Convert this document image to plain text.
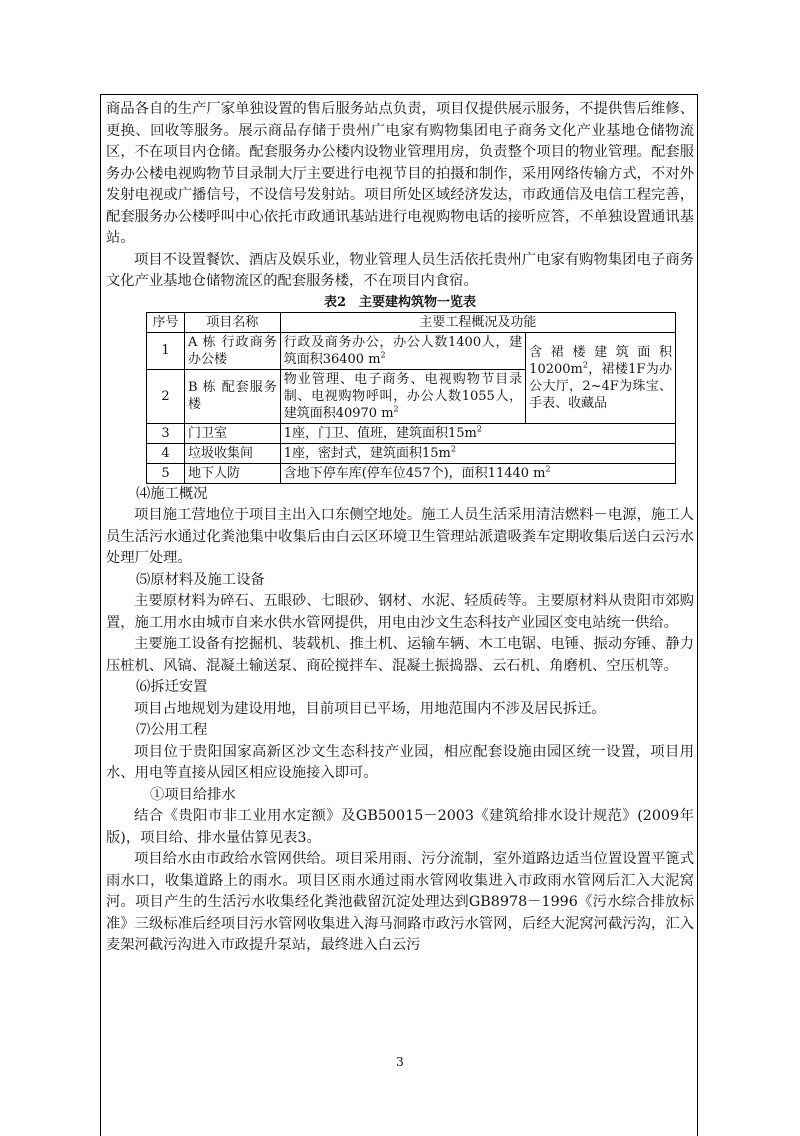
商品各自的生产厂家单独设置的售后服务站点负责，项目仅提供展示服务，不提供售后维修、更换、回收等服务。展示商品存储于贵州广电家有购物集团电子商务文化产业基地仓储物流区，不在项目内仓储。配套服务办公楼内设物业管理用房，负责整个项目的物业管理。配套服务办公楼电视购物节目录制大厅主要进行电视节目的拍摄和制作，采用网络传输方式，不对外发射电视或广播信号，不设信号发射站。项目所处区域经济发达，市政通信及电信工程完善，配套服务办公楼呼叫中心依托市政通讯基站进行电视购物电话的接听应答，不单独设置通讯基站。

项目不设置餐饮、酒店及娱乐业，物业管理人员生活依托贵州广电家有购物集团电子商务文化产业基地仓储物流区的配套服务楼，不在项目内食宿。

表2　主要建构筑物一览表
序号	项目名称	主要工程概况及功能	
1	A 栋 行政商务办公楼	行政及商务办公，办公人数1400人，建筑面积36400 $m^2$	含裙楼建筑面积$10200m^2$，裙楼1F为办公大厅，2~4F为珠宝、手表、收藏品
2	B 栋 配套服务楼	物业管理、电子商务、电视购物节目录制、电视购物呼叫，办公人数1055人，建筑面积40970 $m^2$
3	门卫室	1座，门卫、值班，建筑面积$15m^2$
4	垃圾收集间	1座，密封式，建筑面积$15m^2$
5	地下人防	含地下停车库(停车位457个)，面积11440 $m^2$

⑷施工概况

项目施工营地位于项目主出入口东侧空地处。施工人员生活采用清洁燃料－电源，施工人员生活污水通过化粪池集中收集后由白云区环境卫生管理站派遣吸粪车定期收集后送白云污水处理厂处理。

⑸原材料及施工设备

主要原材料为碎石、五眼砂、七眼砂、钢材、水泥、轻质砖等。主要原材料从贵阳市郊购置，施工用水由城市自来水供水管网提供，用电由沙文生态科技产业园区变电站统一供给。

主要施工设备有挖掘机、装载机、推土机、运输车辆、木工电锯、电锤、振动夯锤、静力压桩机、风镐、混凝土输送泵、商砼搅拌车、混凝土振捣器、云石机、角磨机、空压机等。

⑹拆迁安置

项目占地规划为建设用地，目前项目已平场，用地范围内不涉及居民拆迁。

⑺公用工程

项目位于贵阳国家高新区沙文生态科技产业园，相应配套设施由园区统一设置，项目用水、用电等直接从园区相应设施接入即可。

①项目给排水

结合《贵阳市非工业用水定额》及GB50015－2003《建筑给排水设计规范》(2009年版)，项目给、排水量估算见表3。

项目给水由市政给水管网供给。项目采用雨、污分流制，室外道路边适当位置设置平篦式雨水口，收集道路上的雨水。项目区雨水通过雨水管网收集进入市政雨水管网后汇入大泥窝河。项目产生的生活污水收集经化粪池截留沉淀处理达到GB8978－1996《污水综合排放标准》三级标准后经项目污水管网收集进入海马洞路市政污水管网，后经大泥窝河截污沟，汇入麦架河截污沟进入市政提升泵站，最终进入白云污

3
